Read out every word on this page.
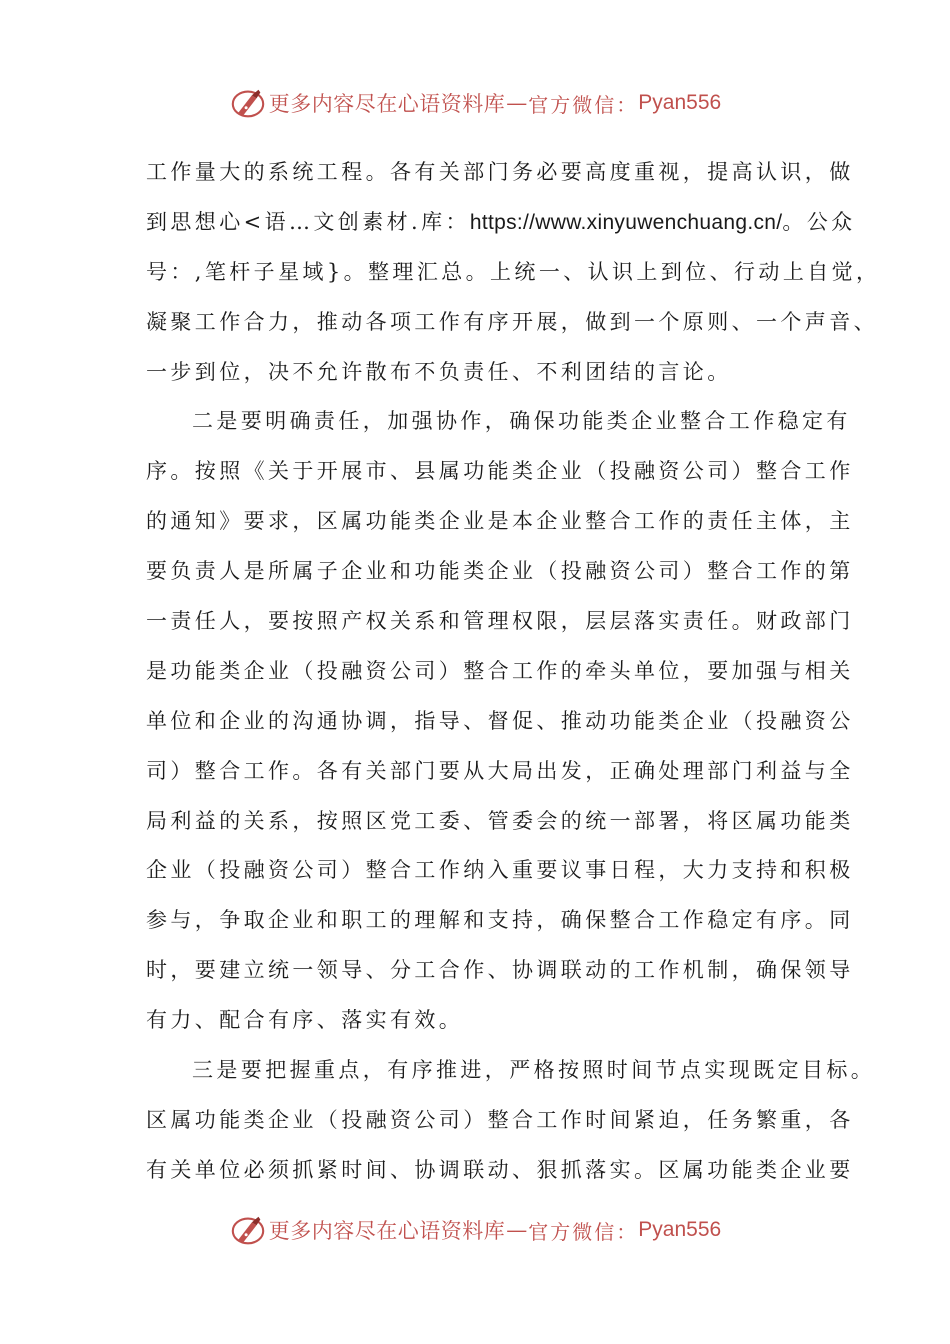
更多内容尽在心语资料库 — 官方微信： Pyan556
工作量大的系统工程。各有关部门务必要高度重视，提高认识，做
到思想心<语…文创素材.库：https://www.xinyuwenchuang.cn/。公众
号：,笔杆子星域}。整理汇总。上统一、认识上到位、行动上自觉，
凝聚工作合力，推动各项工作有序开展，做到一个原则、一个声音、
一步到位，决不允许散布不负责任、不利团结的言论。
二是要明确责任，加强协作，确保功能类企业整合工作稳定有
序。按照《关于开展市、县属功能类企业（投融资公司）整合工作
的通知》要求，区属功能类企业是本企业整合工作的责任主体，主
要负责人是所属子企业和功能类企业（投融资公司）整合工作的第
一责任人，要按照产权关系和管理权限，层层落实责任。财政部门
是功能类企业（投融资公司）整合工作的牵头单位，要加强与相关
单位和企业的沟通协调，指导、督促、推动功能类企业（投融资公
司）整合工作。各有关部门要从大局出发，正确处理部门利益与全
局利益的关系，按照区党工委、管委会的统一部署，将区属功能类
企业（投融资公司）整合工作纳入重要议事日程，大力支持和积极
参与，争取企业和职工的理解和支持，确保整合工作稳定有序。同
时，要建立统一领导、分工合作、协调联动的工作机制，确保领导
有力、配合有序、落实有效。
三是要把握重点，有序推进，严格按照时间节点实现既定目标。
区属功能类企业（投融资公司）整合工作时间紧迫，任务繁重，各
有关单位必须抓紧时间、协调联动、狠抓落实。区属功能类企业要
更多内容尽在心语资料库 — 官方微信： Pyan556
